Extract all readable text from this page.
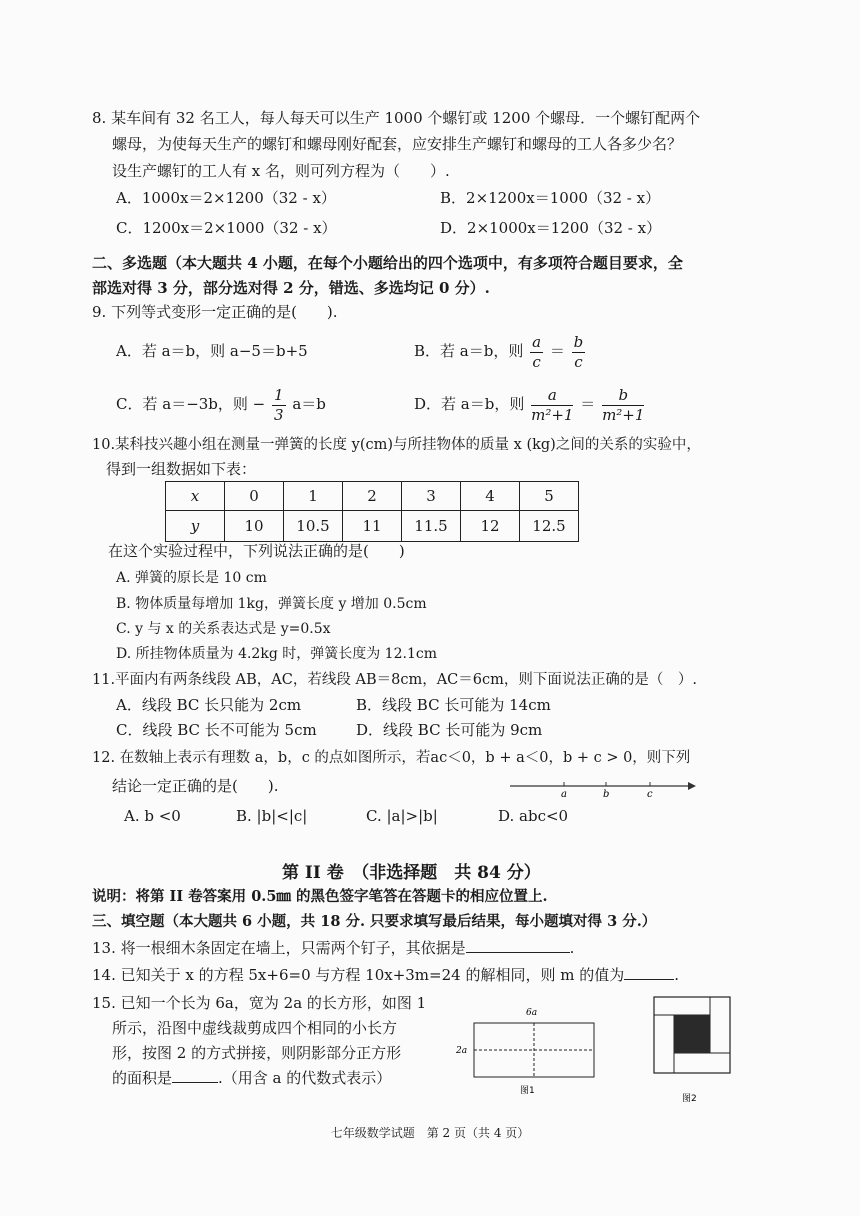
8. 某车间有 32 名工人，每人每天可以生产 1000 个螺钉或 1200 个螺母．一个螺钉配两个
螺母，为使每天生产的螺钉和螺母刚好配套，应安排生产螺钉和螺母的工人各多少名？
设生产螺钉的工人有 x 名，则可列方程为（　　）.
A．1000x＝2×1200（32 - x）	B．2×1200x＝1000（32 - x）
C．1200x＝2×1000（32 - x）	D．2×1000x＝1200（32 - x）
二、多选题（本大题共 4 小题，在每个小题给出的四个选项中，有多项符合题目要求，全
部选对得 3 分，部分选对得 2 分，错选、多选均记 0 分）.
9. 下列等式变形一定正确的是(　　).
A．若 a＝b，则 a−5＝b+5	B．若 a＝b，则 $\frac{a}{c} = \frac{b}{c}$
C．若 a＝−3b，则 − $\frac{1}{3} a=b$	D．若 a＝b，则 $\frac{a}{\text{m²+1}} = \frac{b}{\text{m²+1}}$
10.某科技兴趣小组在测量一弹簧的长度 y(cm)与所挂物体的质量 x (kg)之间的关系的实验中，
得到一组数据如下表：
x	0	1	2	3	4	5
y	10	10.5	11	11.5	12	12.5
在这个实验过程中，下列说法正确的是(　　)
A. 弹簧的原长是 10 cm
B. 物体质量每增加 1kg，弹簧长度 y 增加 0.5cm
C. y 与 x 的关系表达式是 y=0.5x
D. 所挂物体质量为 4.2kg 时，弹簧长度为 12.1cm
11.平面内有两条线段 AB，AC，若线段 AB＝8cm，AC＝6cm，则下面说法正确的是（　）.
A．线段 BC 长只能为 2cm	B．线段 BC 长可能为 14cm
C．线段 BC 长不可能为 5cm	D．线段 BC 长可能为 9cm
12. 在数轴上表示有理数 a，b，c 的点如图所示，若ac＜0，b + a＜0，b + c > 0，则下列
结论一定正确的是(　　).	a	b	c
A. b <0	B. |b|<|c|	C. |a|>|b|	D. abc<0
第 II 卷　（非选择题　共 84 分）
说明：将第 II 卷答案用 0.5㎜ 的黑色签字笔答在答题卡的相应位置上.
三、填空题（本大题共 6 小题，共 18 分. 只要求填写最后结果，每小题填对得 3 分.）
13. 将一根细木条固定在墙上，只需两个钉子，其依据是	.
14. 已知关于 x 的方程 5x+6=0 与方程 10x+3m=24 的解相同，则 m 的值为	.
15. 已知一个长为 6a，宽为 2a 的长方形，如图 1
所示，沿图中虚线裁剪成四个相同的小长方
形，按图 2 的方式拼接，则阴影部分正方形
的面积是	.（用含 a 的代数式表示）
6a
2a
图1
图2
七年级数学试题　第 2 页（共 4 页）
